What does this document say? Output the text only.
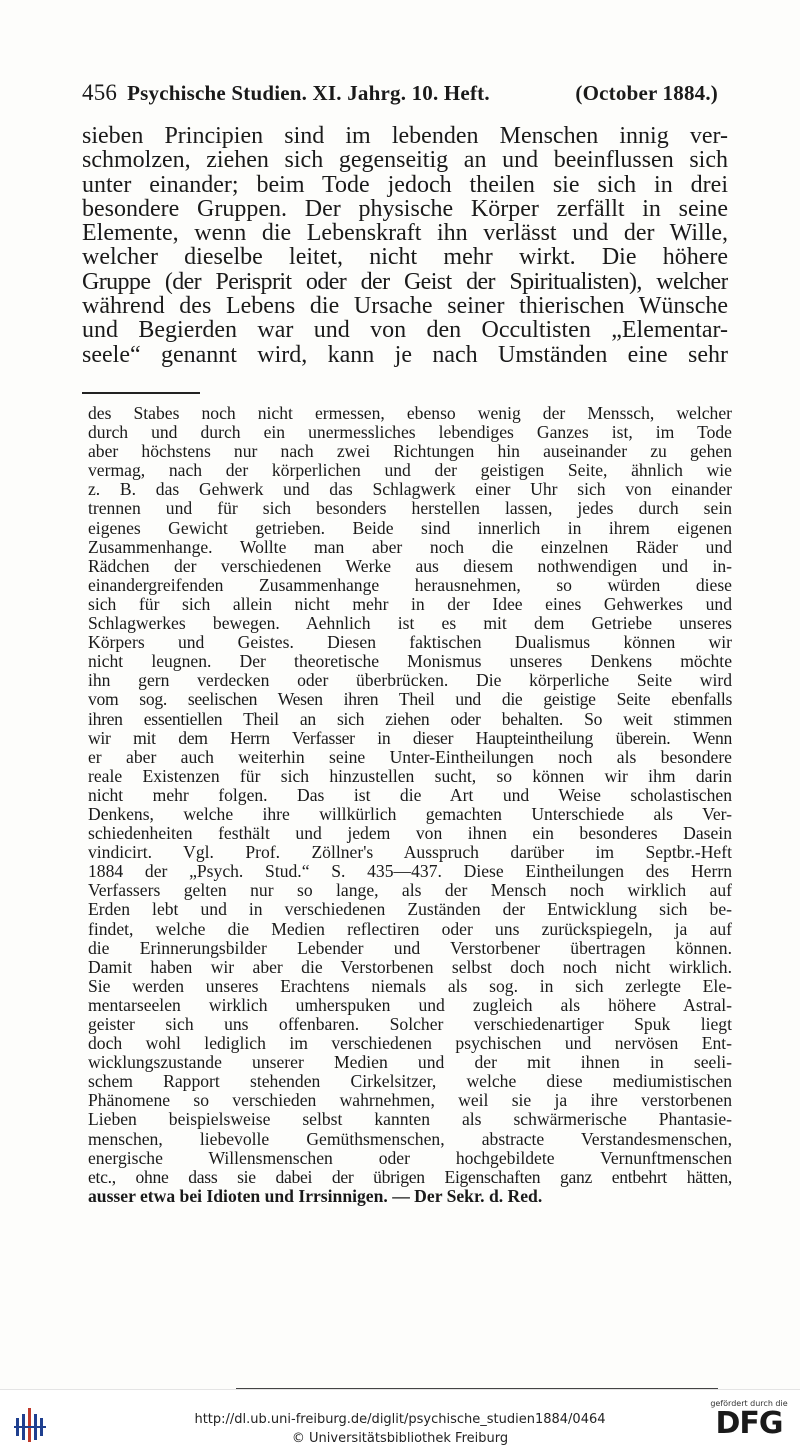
456 Psychische Studien. XI. Jahrg. 10. Heft.	(October 1884.)
sieben Principien sind im lebenden Menschen innig ver-
schmolzen, ziehen sich gegenseitig an und beeinflussen sich
unter einander; beim Tode jedoch theilen sie sich in drei
besondere Gruppen. Der physische Körper zerfällt in seine
Elemente, wenn die Lebenskraft ihn verlässt und der Wille,
welcher dieselbe leitet, nicht mehr wirkt. Die höhere
Gruppe (der Perisprit oder der Geist der Spiritualisten), welcher
während des Lebens die Ursache seiner thierischen Wünsche
und Begierden war und von den Occultisten „Elementar-
seele“ genannt wird, kann je nach Umständen eine sehr
des Stabes noch nicht ermessen, ebenso wenig der Menssch, welcher
durch und durch ein unermessliches lebendiges Ganzes ist, im Tode
aber höchstens nur nach zwei Richtungen hin auseinander zu gehen
vermag, nach der körperlichen und der geistigen Seite, ähnlich wie
z. B. das Gehwerk und das Schlagwerk einer Uhr sich von einander
trennen und für sich besonders herstellen lassen, jedes durch sein
eigenes Gewicht getrieben. Beide sind innerlich in ihrem eigenen
Zusammenhange. Wollte man aber noch die einzelnen Räder und
Rädchen der verschiedenen Werke aus diesem nothwendigen und in-
einandergreifenden Zusammenhange herausnehmen, so würden diese
sich für sich allein nicht mehr in der Idee eines Gehwerkes und
Schlagwerkes bewegen. Aehnlich ist es mit dem Getriebe unseres
Körpers und Geistes. Diesen faktischen Dualismus können wir
nicht leugnen. Der theoretische Monismus unseres Denkens möchte
ihn gern verdecken oder überbrücken. Die körperliche Seite wird
vom sog. seelischen Wesen ihren Theil und die geistige Seite ebenfalls
ihren essentiellen Theil an sich ziehen oder behalten. So weit stimmen
wir mit dem Herrn Verfasser in dieser Haupteintheilung überein. Wenn
er aber auch weiterhin seine Unter-Eintheilungen noch als besondere
reale Existenzen für sich hinzustellen sucht, so können wir ihm darin
nicht mehr folgen. Das ist die Art und Weise scholastischen
Denkens, welche ihre willkürlich gemachten Unterschiede als Ver-
schiedenheiten festhält und jedem von ihnen ein besonderes Dasein
vindicirt. Vgl. Prof. Zöllner's Ausspruch darüber im Septbr.-Heft
1884 der „Psych. Stud.“ S. 435—437. Diese Eintheilungen des Herrn
Verfassers gelten nur so lange, als der Mensch noch wirklich auf
Erden lebt und in verschiedenen Zuständen der Entwicklung sich be-
findet, welche die Medien reflectiren oder uns zurückspiegeln, ja auf
die Erinnerungsbilder Lebender und Verstorbener übertragen können.
Damit haben wir aber die Verstorbenen selbst doch noch nicht wirklich.
Sie werden unseres Erachtens niemals als sog. in sich zerlegte Ele-
mentarseelen wirklich umherspuken und zugleich als höhere Astral-
geister sich uns offenbaren. Solcher verschiedenartiger Spuk liegt
doch wohl lediglich im verschiedenen psychischen und nervösen Ent-
wicklungszustande unserer Medien und der mit ihnen in seeli-
schem Rapport stehenden Cirkelsitzer, welche diese mediumistischen
Phänomene so verschieden wahrnehmen, weil sie ja ihre verstorbenen
Lieben beispielsweise selbst kannten als schwärmerische Phantasie-
menschen, liebevolle Gemüthsmenschen, abstracte Verstandesmenschen,
energische Willensmenschen oder hochgebildete Vernunftmenschen
etc., ohne dass sie dabei der übrigen Eigenschaften ganz entbehrt hätten,
ausser etwa bei Idioten und Irrsinnigen. — Der Sekr. d. Red.
http://dl.ub.uni-freiburg.de/diglit/psychische_studien1884/0464
© Universitätsbibliothek Freiburg
gefördert durch die
DFG
